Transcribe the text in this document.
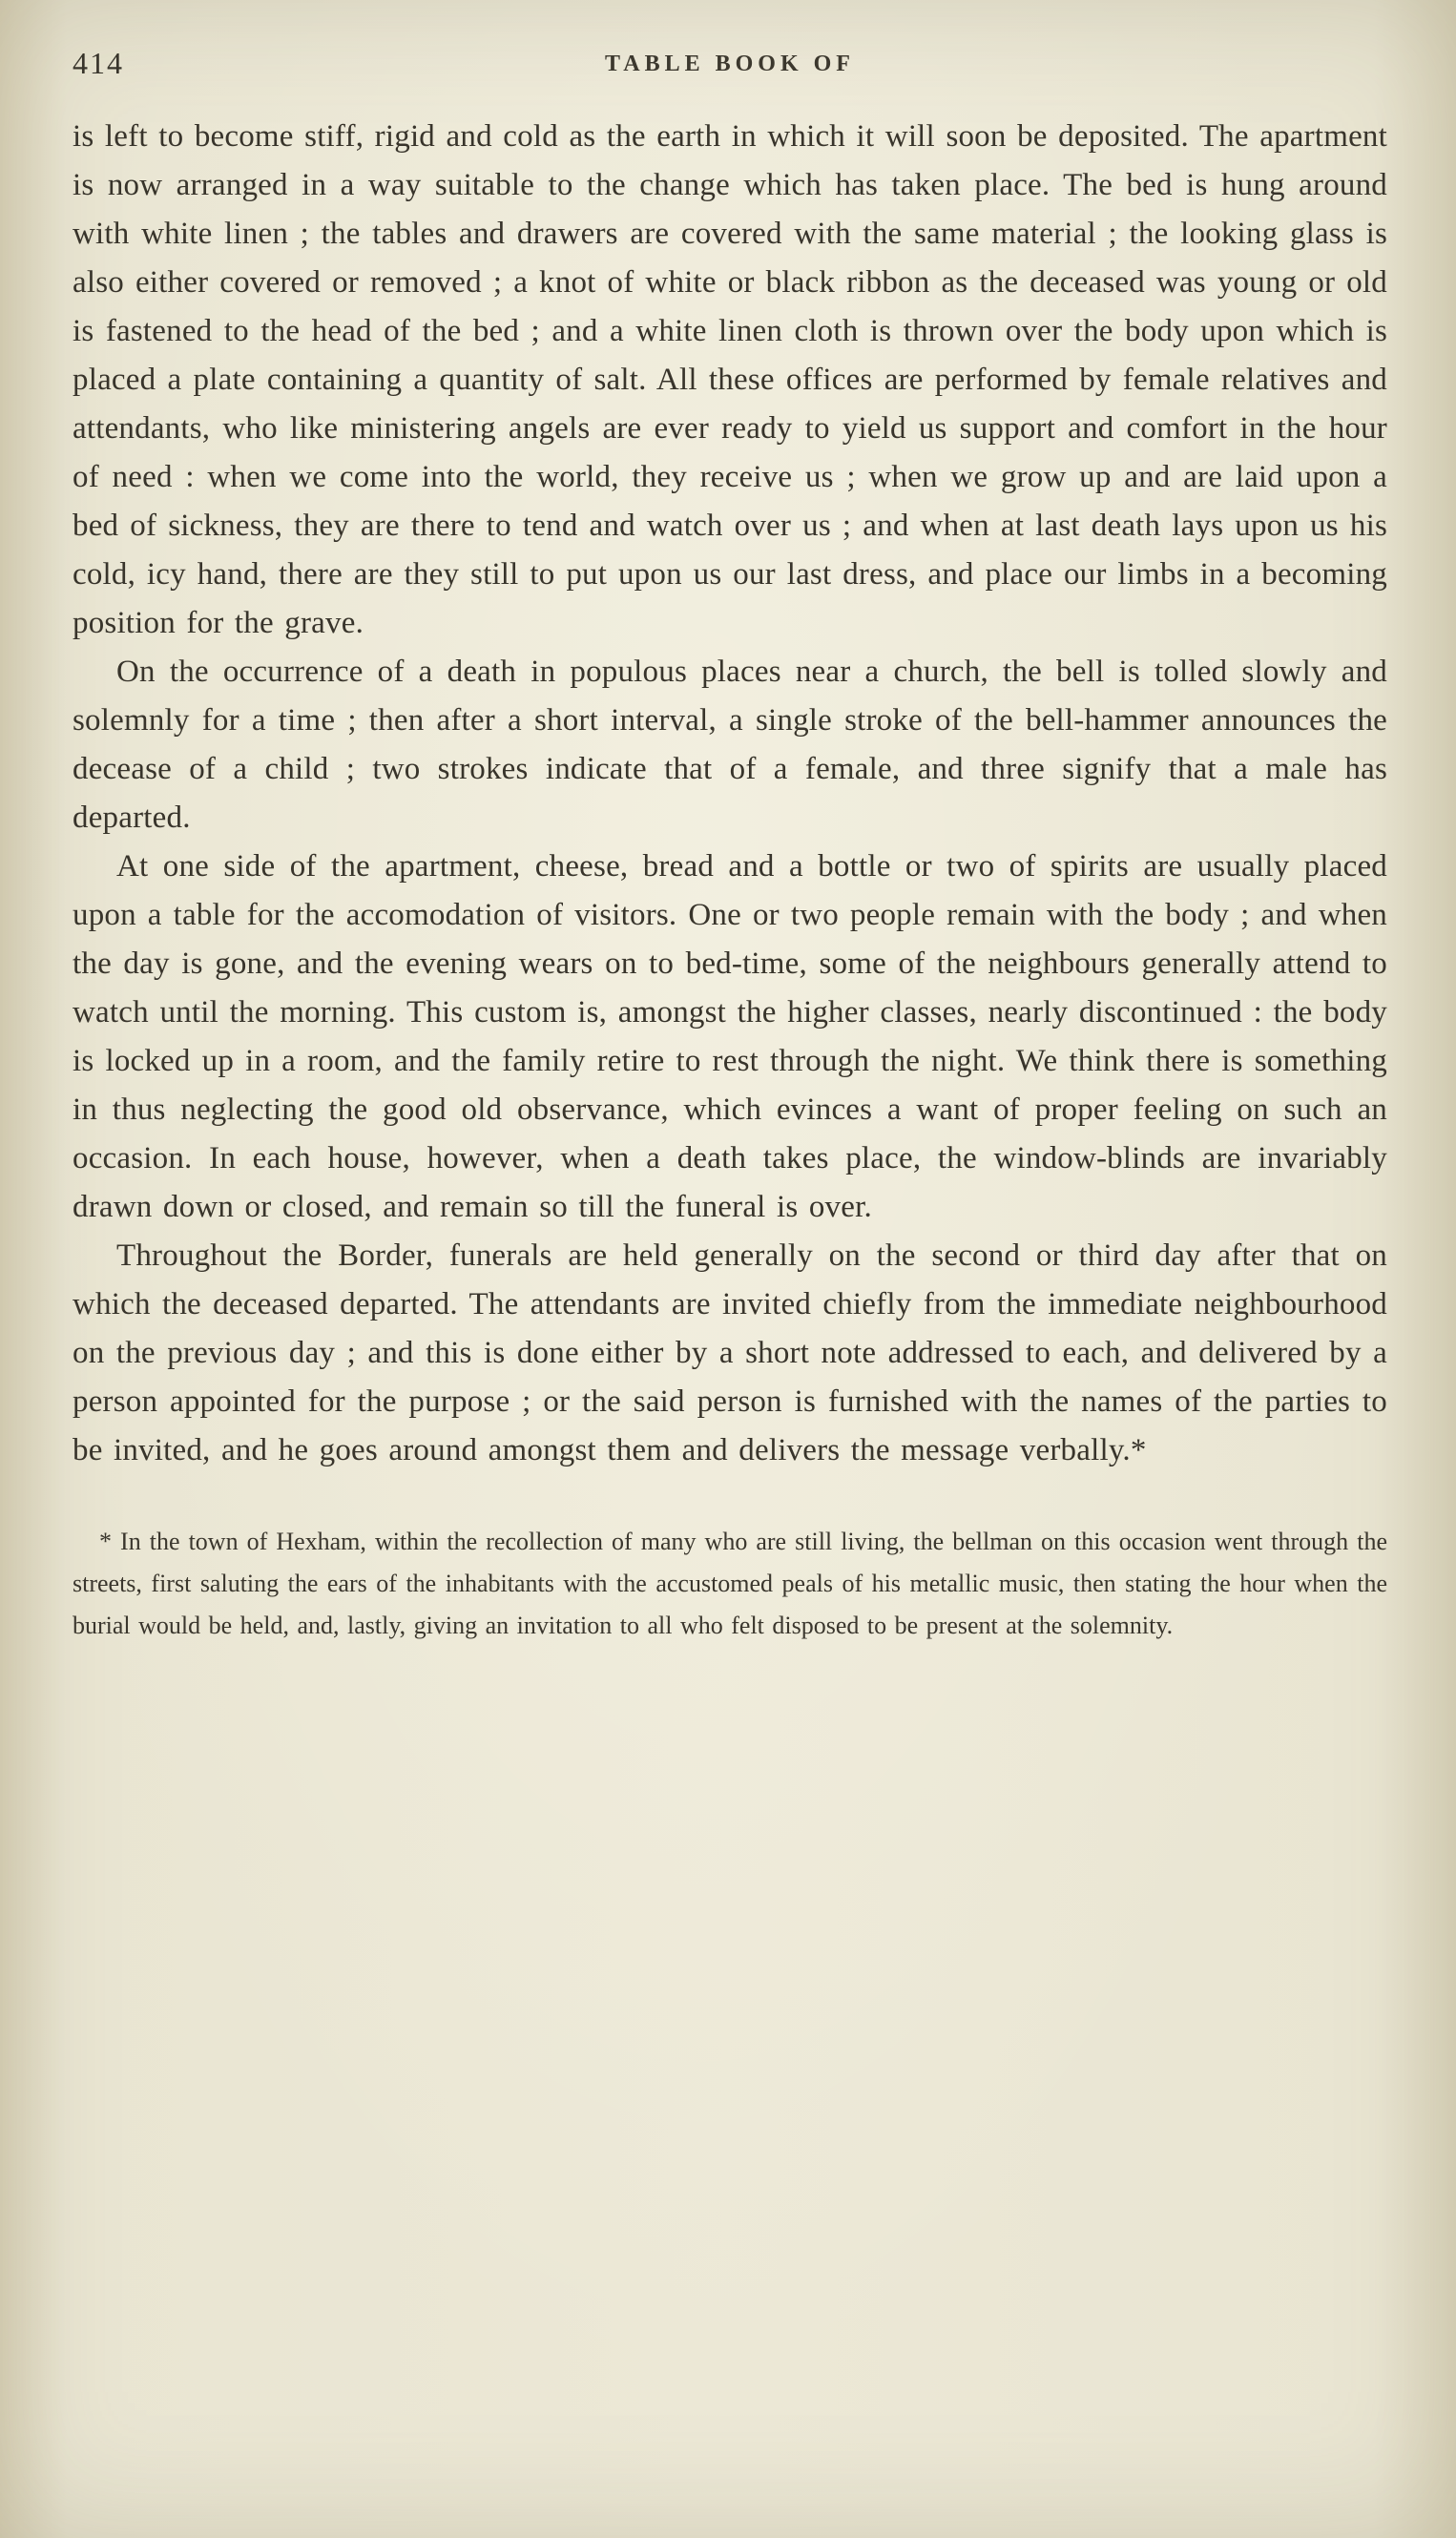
414	TABLE BOOK OF

is left to become stiff, rigid and cold as the earth in which it will soon be deposited. The apartment is now arranged in a way suitable to the change which has taken place. The bed is hung around with white linen ; the tables and drawers are covered with the same material ; the looking glass is also either covered or removed ; a knot of white or black ribbon as the deceased was young or old is fastened to the head of the bed ; and a white linen cloth is thrown over the body upon which is placed a plate containing a quantity of salt. All these offices are performed by female relatives and attendants, who like ministering angels are ever ready to yield us support and comfort in the hour of need : when we come into the world, they receive us ; when we grow up and are laid upon a bed of sickness, they are there to tend and watch over us ; and when at last death lays upon us his cold, icy hand, there are they still to put upon us our last dress, and place our limbs in a becoming position for the grave.

On the occurrence of a death in populous places near a church, the bell is tolled slowly and solemnly for a time ; then after a short interval, a single stroke of the bell-hammer announces the decease of a child ; two strokes indicate that of a female, and three signify that a male has departed.

At one side of the apartment, cheese, bread and a bottle or two of spirits are usually placed upon a table for the accomodation of visitors. One or two people remain with the body ; and when the day is gone, and the evening wears on to bed-time, some of the neighbours generally attend to watch until the morning. This custom is, amongst the higher classes, nearly discontinued : the body is locked up in a room, and the family retire to rest through the night. We think there is something in thus neglecting the good old observance, which evinces a want of proper feeling on such an occasion. In each house, however, when a death takes place, the window-blinds are invariably drawn down or closed, and remain so till the funeral is over.

Throughout the Border, funerals are held generally on the second or third day after that on which the deceased departed. The attendants are invited chiefly from the immediate neighbourhood on the previous day ; and this is done either by a short note addressed to each, and delivered by a person appointed for the purpose ; or the said person is furnished with the names of the parties to be invited, and he goes around amongst them and delivers the message verbally.*

* In the town of Hexham, within the recollection of many who are still living, the bellman on this occasion went through the streets, first saluting the ears of the inhabitants with the accustomed peals of his metallic music, then stating the hour when the burial would be held, and, lastly, giving an invitation to all who felt disposed to be present at the solemnity.
